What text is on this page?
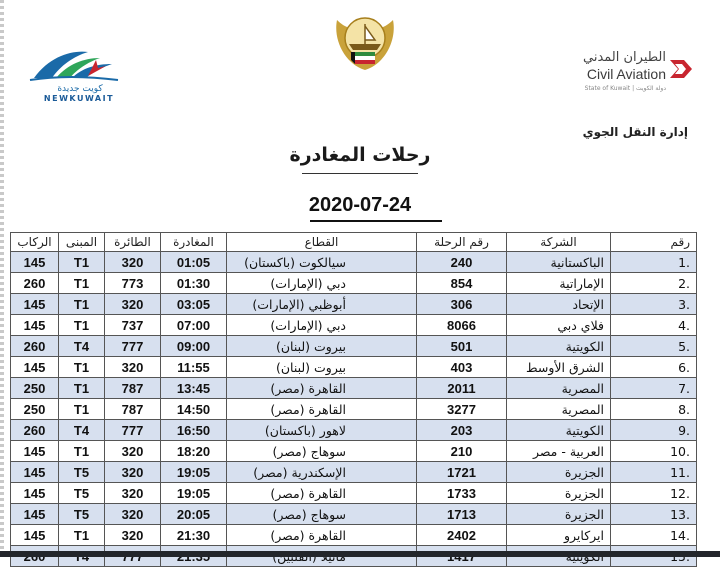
كويت جديدة
NEWKUWAIT
الطيران المدني
Civil Aviation
State of Kuwait | دولة الكويت
إدارة النقل الجوي
رحلات المغادرة
2020-07-24
رقم	الشركة	رقم الرحلة	القطاع	المغادرة	الطائرة	المبنى	الركاب
.1	الباكستانية	240	سيالكوت (باكستان)	01:05	320	T1	145
.2	الإماراتية	854	دبي (الإمارات)	01:30	773	T1	260
.3	الإتحاد	306	أبوظبي (الإمارات)	03:05	320	T1	145
.4	فلاي دبي	8066	دبي (الإمارات)	07:00	737	T1	145
.5	الكويتية	501	بيروت (لبنان)	09:00	777	T4	260
.6	الشرق الأوسط	403	بيروت (لبنان)	11:55	320	T1	145
.7	المصرية	2011	القاهرة (مصر)	13:45	787	T1	250
.8	المصرية	3277	القاهرة (مصر)	14:50	787	T1	250
.9	الكويتية	203	لاهور (باكستان)	16:50	777	T4	260
.10	العربية - مصر	210	سوهاج (مصر)	18:20	320	T1	145
.11	الجزيرة	1721	الإسكندرية (مصر)	19:05	320	T5	145
.12	الجزيرة	1733	القاهرة (مصر)	19:05	320	T5	145
.13	الجزيرة	1713	سوهاج (مصر)	20:05	320	T5	145
.14	ايركايرو	2402	القاهرة (مصر)	21:30	320	T1	145
